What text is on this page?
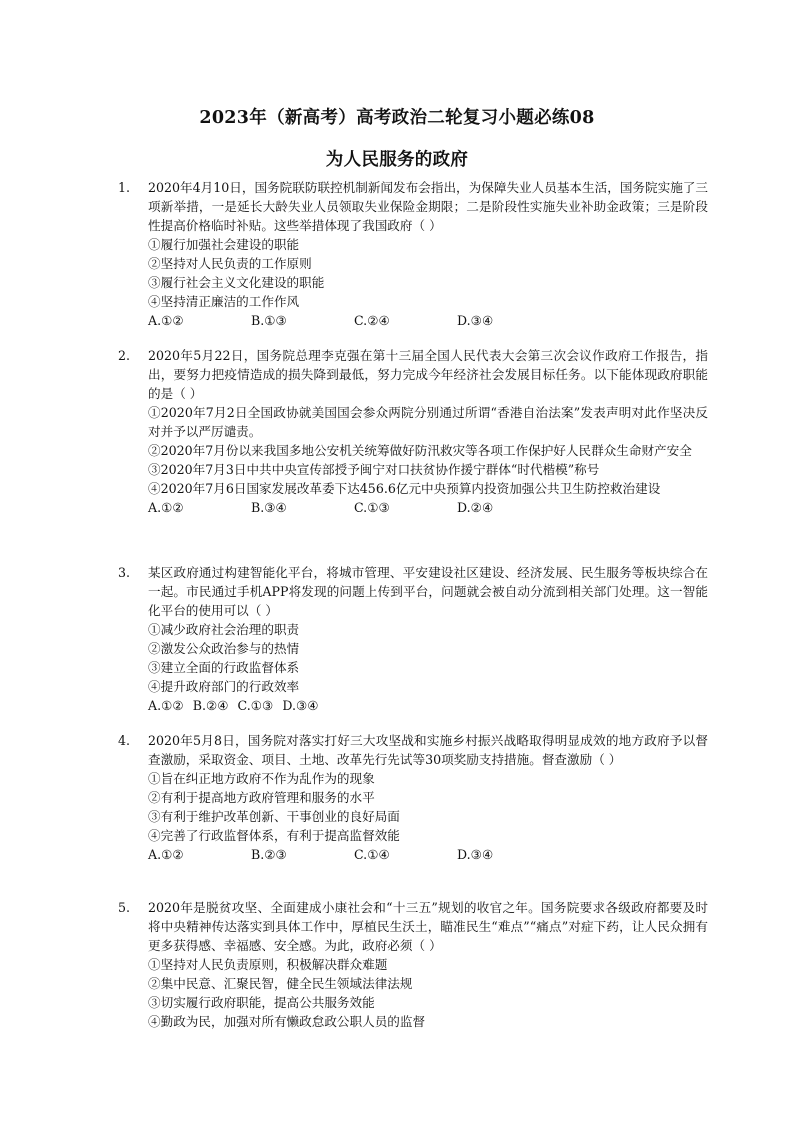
2023年（新高考）高考政治二轮复习小题必练08
为人民服务的政府
1. 2020年4月10日，国务院联防联控机制新闻发布会指出，为保障失业人员基本生活，国务院实施了三项新举措，一是延长大龄失业人员领取失业保险金期限；二是阶段性实施失业补助金政策；三是阶段性提高价格临时补贴。这些举措体现了我国政府（ ）
①履行加强社会建设的职能
②坚持对人民负责的工作原则
③履行社会主义文化建设的职能
④坚持清正廉洁的工作作风
A.①②	B.①③	C.②④	D.③④
2. 2020年5月22日，国务院总理李克强在第十三届全国人民代表大会第三次会议作政府工作报告，指出，要努力把疫情造成的损失降到最低，努力完成今年经济社会发展目标任务。以下能体现政府职能的是（ ）
①2020年7月2日全国政协就美国国会参众两院分别通过所谓“香港自治法案”发表声明对此作坚决反对并予以严厉谴责。
②2020年7月份以来我国多地公安机关统筹做好防汛救灾等各项工作保护好人民群众生命财产安全
③2020年7月3日中共中央宣传部授予闽宁对口扶贫协作援宁群体“时代楷模”称号
④2020年7月6日国家发展改革委下达456.6亿元中央预算内投资加强公共卫生防控救治建设
A.①②	B.③④	C.①③	D.②④
3. 某区政府通过构建智能化平台，将城市管理、平安建设社区建设、经济发展、民生服务等板块综合在一起。市民通过手机APP将发现的问题上传到平台，问题就会被自动分流到相关部门处理。这一智能化平台的使用可以（ ）
①减少政府社会治理的职责
②激发公众政治参与的热情
③建立全面的行政监督体系
④提升政府部门的行政效率
A.①② B.②④ C.①③ D.③④
4. 2020年5月8日，国务院对落实打好三大攻坚战和实施乡村振兴战略取得明显成效的地方政府予以督查激励，采取资金、项目、土地、改革先行先试等30项奖励支持措施。督查激励（ ）
①旨在纠正地方政府不作为乱作为的现象
②有利于提高地方政府管理和服务的水平
③有利于维护改革创新、干事创业的良好局面
④完善了行政监督体系，有利于提高监督效能
A.①②	B.②③	C.①④	D.③④
5. 2020年是脱贫攻坚、全面建成小康社会和“十三五”规划的收官之年。国务院要求各级政府都要及时将中央精神传达落实到具体工作中，厚植民生沃土，瞄准民生“难点”“痛点”对症下药，让人民众拥有更多获得感、幸福感、安全感。为此，政府必须（ ）
①坚持对人民负责原则，积极解决群众难题
②集中民意、汇聚民智，健全民生领域法律法规
③切实履行政府职能，提高公共服务效能
④勤政为民，加强对所有懒政怠政公职人员的监督
